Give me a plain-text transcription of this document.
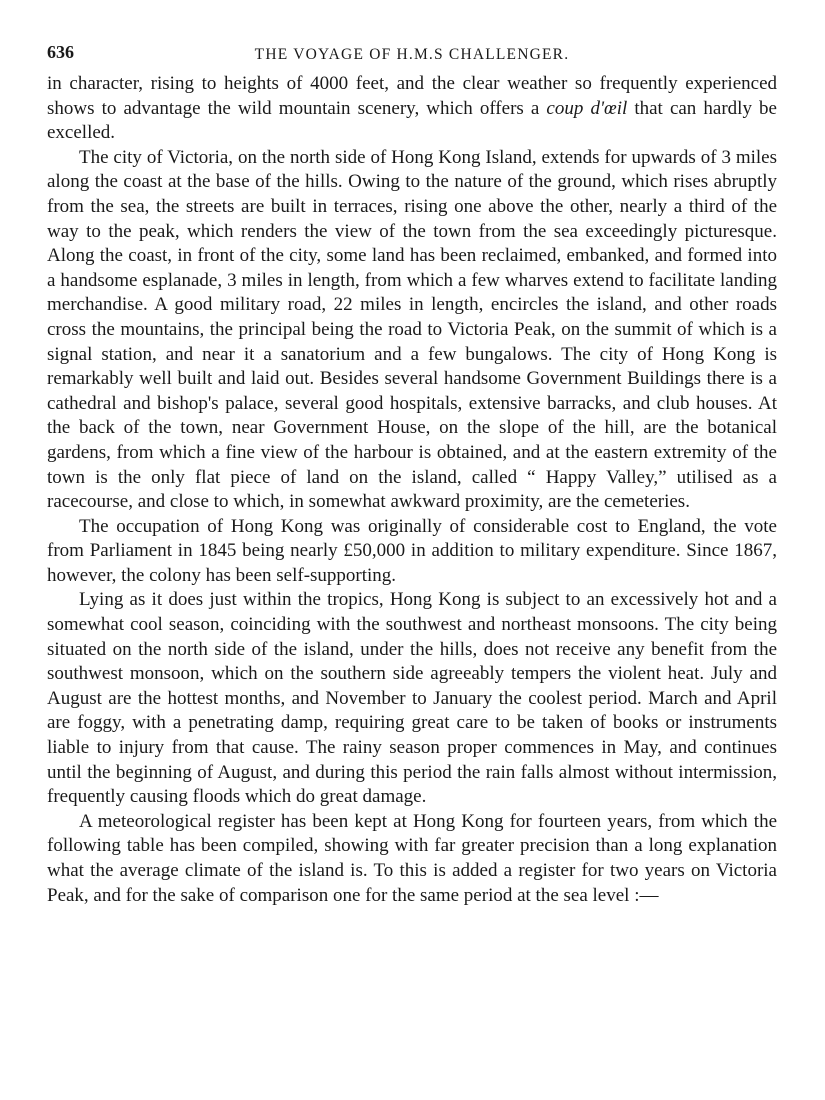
636	THE VOYAGE OF H.M.S CHALLENGER.

in character, rising to heights of 4000 feet, and the clear weather so frequently experienced shows to advantage the wild mountain scenery, which offers a coup d'œil that can hardly be excelled.

The city of Victoria, on the north side of Hong Kong Island, extends for upwards of 3 miles along the coast at the base of the hills. Owing to the nature of the ground, which rises abruptly from the sea, the streets are built in terraces, rising one above the other, nearly a third of the way to the peak, which renders the view of the town from the sea exceedingly picturesque. Along the coast, in front of the city, some land has been reclaimed, embanked, and formed into a handsome esplanade, 3 miles in length, from which a few wharves extend to facilitate landing merchandise. A good military road, 22 miles in length, encircles the island, and other roads cross the mountains, the principal being the road to Victoria Peak, on the summit of which is a signal station, and near it a sanatorium and a few bungalows. The city of Hong Kong is remarkably well built and laid out. Besides several handsome Government Buildings there is a cathedral and bishop's palace, several good hospitals, extensive barracks, and club houses. At the back of the town, near Government House, on the slope of the hill, are the botanical gardens, from which a fine view of the harbour is obtained, and at the eastern extremity of the town is the only flat piece of land on the island, called “ Happy Valley,” utilised as a racecourse, and close to which, in somewhat awkward proximity, are the cemeteries.

The occupation of Hong Kong was originally of considerable cost to England, the vote from Parliament in 1845 being nearly £50,000 in addition to military expenditure. Since 1867, however, the colony has been self-supporting.

Lying as it does just within the tropics, Hong Kong is subject to an excessively hot and a somewhat cool season, coinciding with the southwest and northeast monsoons. The city being situated on the north side of the island, under the hills, does not receive any benefit from the southwest monsoon, which on the southern side agreeably tempers the violent heat. July and August are the hottest months, and November to January the coolest period. March and April are foggy, with a penetrating damp, requiring great care to be taken of books or instruments liable to injury from that cause. The rainy season proper commences in May, and continues until the beginning of August, and during this period the rain falls almost without intermission, frequently causing floods which do great damage.

A meteorological register has been kept at Hong Kong for fourteen years, from which the following table has been compiled, showing with far greater precision than a long explanation what the average climate of the island is. To this is added a register for two years on Victoria Peak, and for the sake of comparison one for the same period at the sea level :—
